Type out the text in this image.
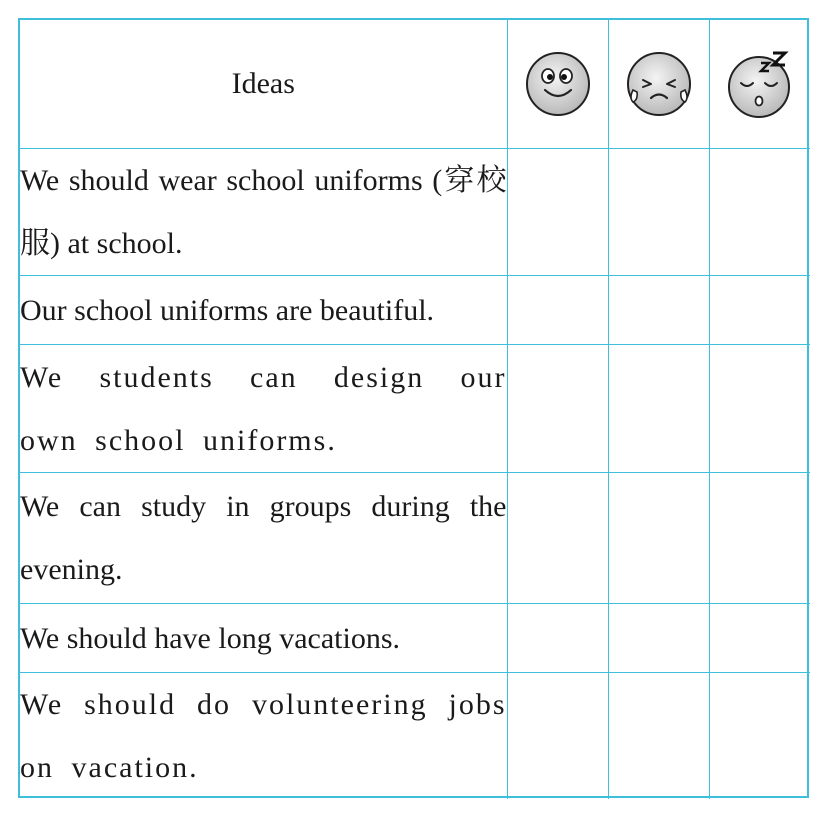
Ideas			

We should wear school uniforms (穿校服) at school.			

Our school uniforms are beautiful.			

We students can design our own school uniforms.			

We can study in groups during the evening.			

We should have long vacations.			

We should do volunteering jobs on vacation.			
